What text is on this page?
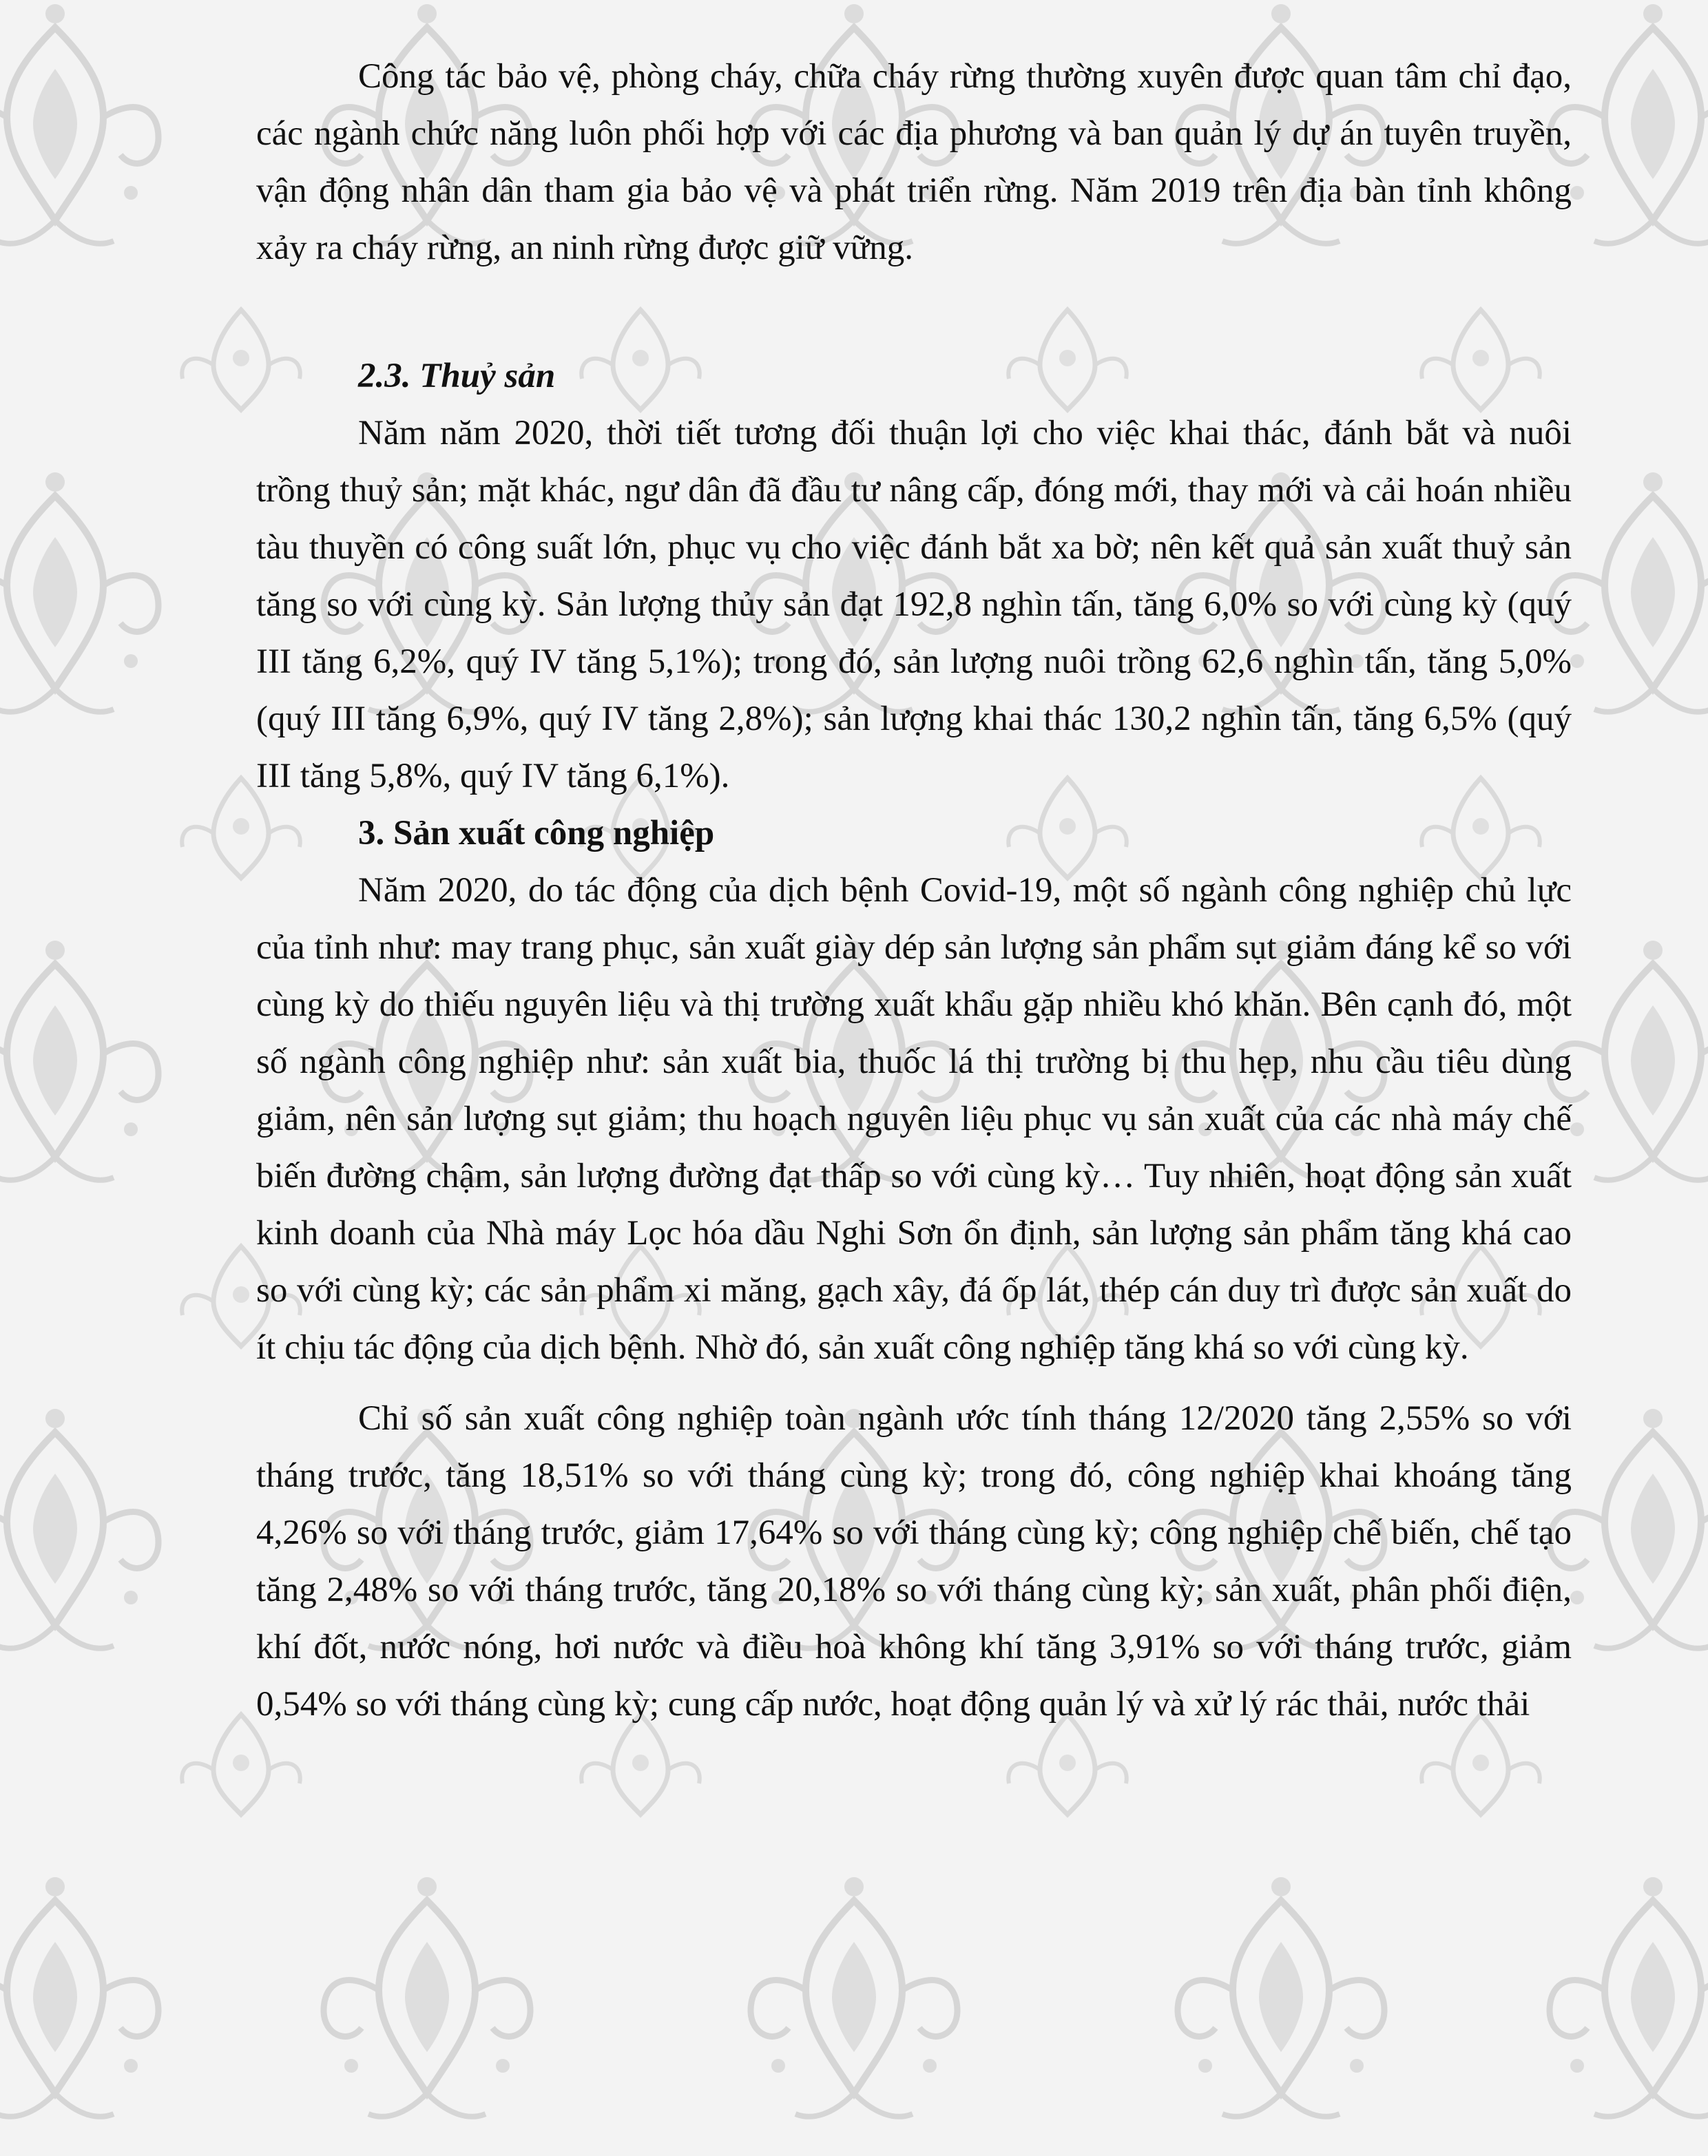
Công tác bảo vệ, phòng cháy, chữa cháy rừng thường xuyên được quan tâm chỉ đạo, các ngành chức năng luôn phối hợp với các địa phương và ban quản lý dự án tuyên truyền, vận động nhân dân tham gia bảo vệ và phát triển rừng. Năm 2019 trên địa bàn tỉnh không xảy ra cháy rừng, an ninh rừng được giữ vững.

2.3. Thuỷ sản

Năm năm 2020, thời tiết tương đối thuận lợi cho việc khai thác, đánh bắt và nuôi trồng thuỷ sản; mặt khác, ngư dân đã đầu tư nâng cấp, đóng mới, thay mới và cải hoán nhiều tàu thuyền có công suất lớn, phục vụ cho việc đánh bắt xa bờ; nên kết quả sản xuất thuỷ sản tăng so với cùng kỳ. Sản lượng thủy sản đạt 192,8 nghìn tấn, tăng 6,0% so với cùng kỳ (quý III tăng 6,2%, quý IV tăng 5,1%); trong đó, sản lượng nuôi trồng 62,6 nghìn tấn, tăng 5,0% (quý III tăng 6,9%, quý IV tăng 2,8%); sản lượng khai thác 130,2 nghìn tấn, tăng 6,5% (quý III tăng 5,8%, quý IV tăng 6,1%).

3. Sản xuất công nghiệp

Năm 2020, do tác động của dịch bệnh Covid-19, một số ngành công nghiệp chủ lực của tỉnh như: may trang phục, sản xuất giày dép sản lượng sản phẩm sụt giảm đáng kể so với cùng kỳ do thiếu nguyên liệu và thị trường xuất khẩu gặp nhiều khó khăn. Bên cạnh đó, một số ngành công nghiệp như: sản xuất bia, thuốc lá thị trường bị thu hẹp, nhu cầu tiêu dùng giảm, nên sản lượng sụt giảm; thu hoạch nguyên liệu phục vụ sản xuất của các nhà máy chế biến đường chậm, sản lượng đường đạt thấp so với cùng kỳ… Tuy nhiên, hoạt động sản xuất kinh doanh của Nhà máy Lọc hóa dầu Nghi Sơn ổn định, sản lượng sản phẩm tăng khá cao so với cùng kỳ; các sản phẩm xi măng, gạch xây, đá ốp lát, thép cán duy trì được sản xuất do ít chịu tác động của dịch bệnh. Nhờ đó, sản xuất công nghiệp tăng khá so với cùng kỳ.

Chỉ số sản xuất công nghiệp toàn ngành ước tính tháng 12/2020 tăng 2,55% so với tháng trước, tăng 18,51% so với tháng cùng kỳ; trong đó, công nghiệp khai khoáng tăng 4,26% so với tháng trước, giảm 17,64% so với tháng cùng kỳ; công nghiệp chế biến, chế tạo tăng 2,48% so với tháng trước, tăng 20,18% so với tháng cùng kỳ; sản xuất, phân phối điện, khí đốt, nước nóng, hơi nước và điều hoà không khí tăng 3,91% so với tháng trước, giảm 0,54% so với tháng cùng kỳ; cung cấp nước, hoạt động quản lý và xử lý rác thải, nước thải
